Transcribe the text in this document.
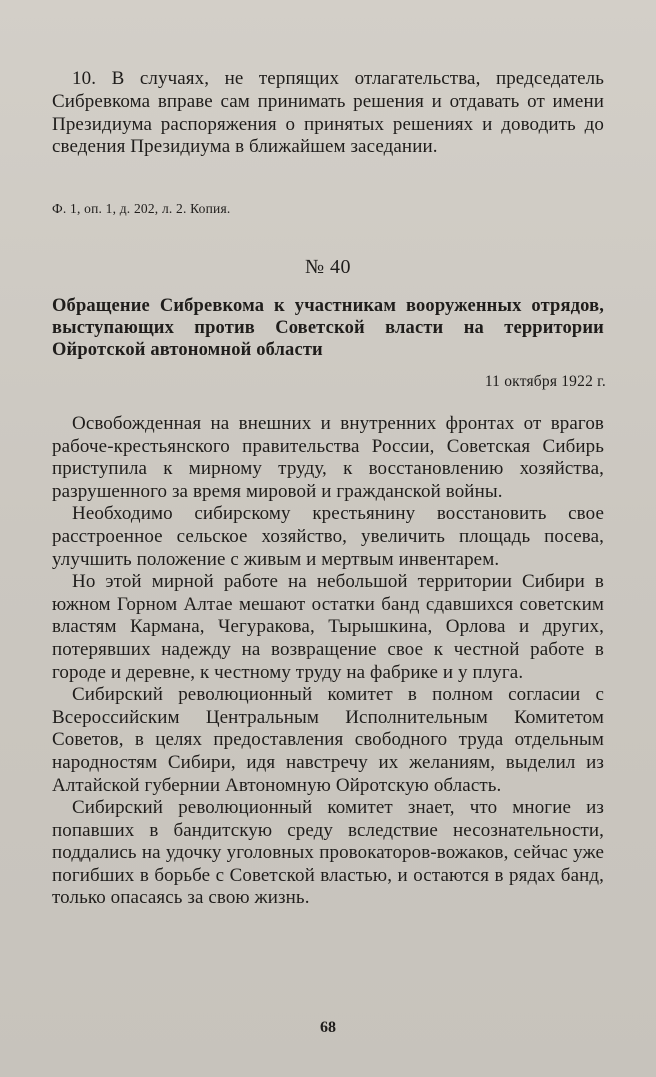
10. В случаях, не терпящих отлагательства, председатель Сибревкома вправе сам принимать решения и отдавать от имени Президиума распоряжения о принятых решениях и доводить до сведения Президиума в ближайшем заседании.

Ф. 1, оп. 1, д. 202, л. 2. Копия.
№ 40

Обращение Сибревкома к участникам вооруженных отрядов, выступающих против Советской власти на территории Ойротской автономной области

11 октября 1922 г.

Освобожденная на внешних и внутренних фронтах от врагов рабоче-крестьянского правительства России, Советская Сибирь приступила к мирному труду, к восстановлению хозяйства, разрушенного за время мировой и гражданской войны.

Необходимо сибирскому крестьянину восстановить свое расстроенное сельское хозяйство, увеличить площадь посева, улучшить положение с живым и мертвым инвентарем.

Но этой мирной работе на небольшой территории Сибири в южном Горном Алтае мешают остатки банд сдавшихся советским властям Кармана, Чегуракова, Тырышкина, Орлова и других, потерявших надежду на возвращение свое к честной работе в городе и деревне, к честному труду на фабрике и у плуга.

Сибирский революционный комитет в полном согласии с Всероссийским Центральным Исполнительным Комитетом Советов, в целях предоставления свободного труда отдельным народностям Сибири, идя навстречу их желаниям, выделил из Алтайской губернии Автономную Ойротскую область.

Сибирский революционный комитет знает, что многие из попавших в бандитскую среду вследствие несознательности, поддались на удочку уголовных провокаторов-вожаков, сейчас уже погибших в борьбе с Советской властью, и остаются в рядах банд, только опасаясь за свою жизнь.

68
